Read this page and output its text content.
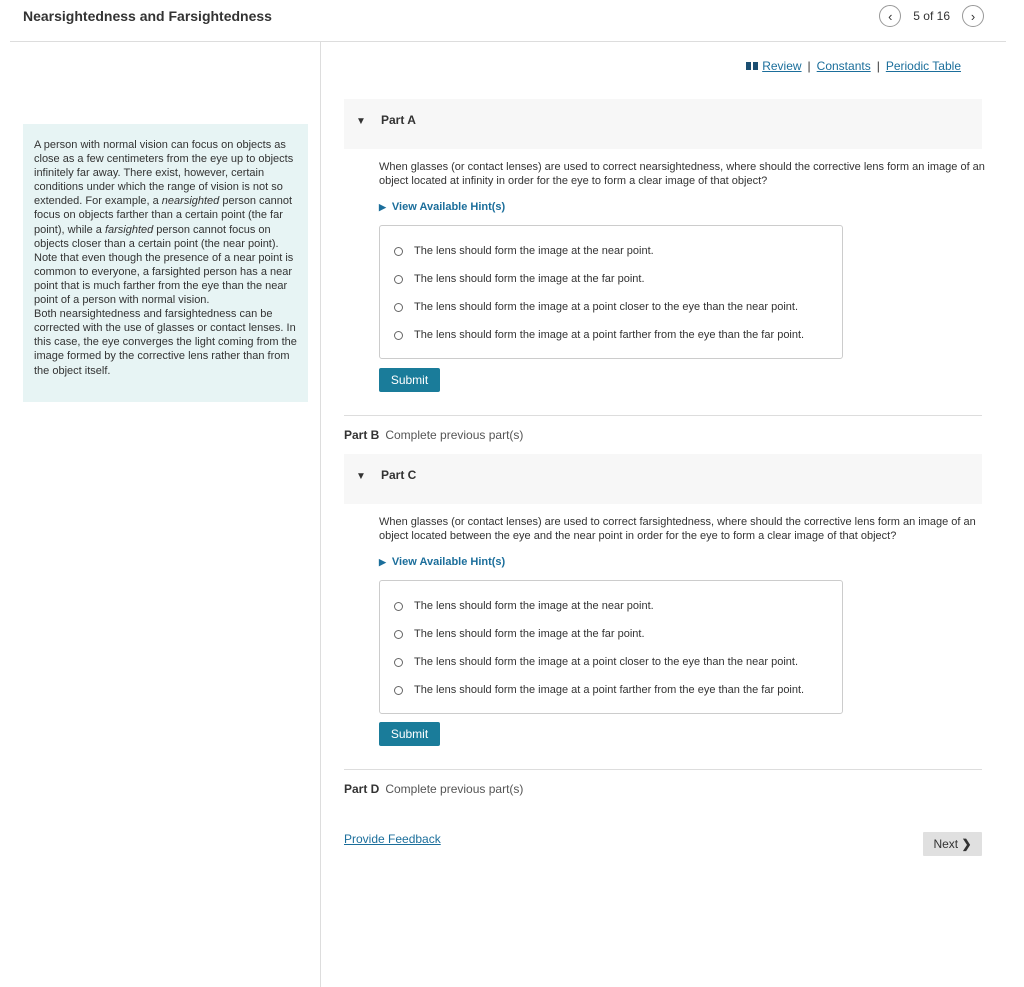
Nearsightedness and Farsightedness	‹ 5 of 16 ›

A person with normal vision can focus on objects as close as a few centimeters from the eye up to objects infinitely far away. There exist, however, certain conditions under which the range of vision is not so extended. For example, a nearsighted person cannot focus on objects farther than a certain point (the far point), while a farsighted person cannot focus on objects closer than a certain point (the near point). Note that even though the presence of a near point is common to everyone, a farsighted person has a near point that is much farther from the eye than the near point of a person with normal vision.

Both nearsightedness and farsightedness can be corrected with the use of glasses or contact lenses. In this case, the eye converges the light coming from the image formed by the corrective lens rather than from the object itself.

Review | Constants | Periodic Table
▼ Part A
When glasses (or contact lenses) are used to correct nearsightedness, where should the corrective lens form an image of an object located at infinity in order for the eye to form a clear image of that object?
▶ View Available Hint(s)
The lens should form the image at the near point.
The lens should form the image at the far point.
The lens should form the image at a point closer to the eye than the near point.
The lens should form the image at a point farther from the eye than the far point.
Submit
Part B Complete previous part(s)
▼ Part C
When glasses (or contact lenses) are used to correct farsightedness, where should the corrective lens form an image of an object located between the eye and the near point in order for the eye to form a clear image of that object?
▶ View Available Hint(s)
The lens should form the image at the near point.
The lens should form the image at the far point.
The lens should form the image at a point closer to the eye than the near point.
The lens should form the image at a point farther from the eye than the far point.
Submit
Part D Complete previous part(s)
Provide Feedback	Next
❯
